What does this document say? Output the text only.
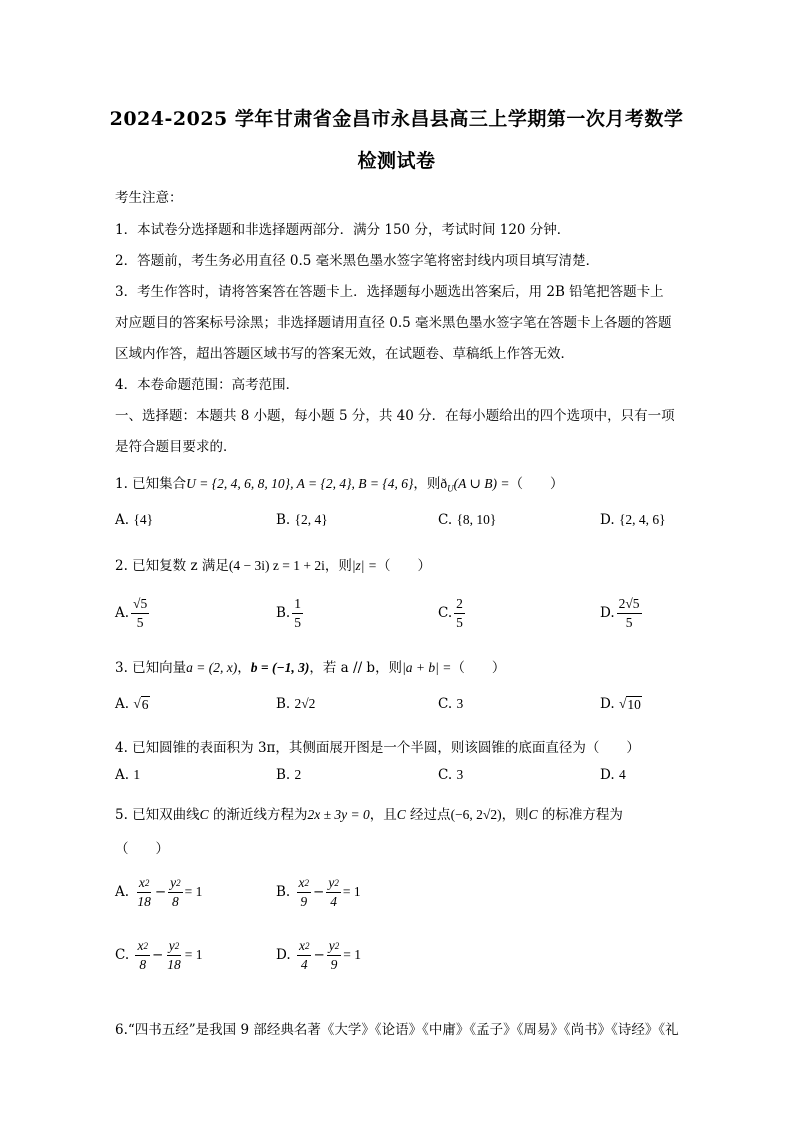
2024-2025 学年甘肃省金昌市永昌县高三上学期第一次月考数学
检测试卷
考生注意：
1．本试卷分选择题和非选择题两部分．满分 150 分，考试时间 120 分钟．
2．答题前，考生务必用直径 0.5 毫米黑色墨水签字笔将密封线内项目填写清楚．
3．考生作答时，请将答案答在答题卡上．选择题每小题选出答案后，用 2B 铅笔把答题卡上
对应题目的答案标号涂黑；非选择题请用直径 0.5 毫米黑色墨水签字笔在答题卡上各题的答题
区域内作答，超出答题区域书写的答案无效，在试题卷、草稿纸上作答无效．
4．本卷命题范围：高考范围．
一、选择题：本题共 8 小题，每小题 5 分，共 40 分．在每小题给出的四个选项中，只有一项
是符合题目要求的．
1. 已知集合U = {2, 4, 6, 8, 10}, A = {2, 4}, B = {4, 6}，则$ð_U(A$ ∪ B) =（　　）
A. {4}	B. {2, 4}	C. {8, 10}	D. {2, 4, 6}
2. 已知复数 z 满足(4 − 3i) z = 1 + 2i，则|z| =（　　）
A. $\frac{√5}{5}$	B. $\frac{1}{5}$	C. $\frac{2}{5}$	D. $\frac{2√5}{5}$
3. 已知向量a = (2, x)，b = (−1, 3)，若 a // b，则|a + b| =（　　）
A. √ 6	B. 2√2	C. 3	D. √ 10
4. 已知圆锥的表面积为 3π，其侧面展开图是一个半圆，则该圆锥的底面直径为（　　）
A. 1	B. 2	C. 3	D. 4
5. 已知双曲线C 的渐近线方程为2x ± 3y = 0，且C 经过点(−6, 2√2)，则C 的标准方程为
（　　）
A. $\frac{x^2}{18} - \frac{y^2}{8} = 1$	B. $\frac{x^2}{9} - \frac{y^2}{4} = 1$
C. $\frac{x^2}{8} - \frac{y^2}{18} = 1$	D. $\frac{x^2}{4} - \frac{y^2}{9} = 1$
6.“四书五经”是我国 9 部经典名著《大学》《论语》《中庸》《孟子》《周易》《尚书》《诗经》《礼
